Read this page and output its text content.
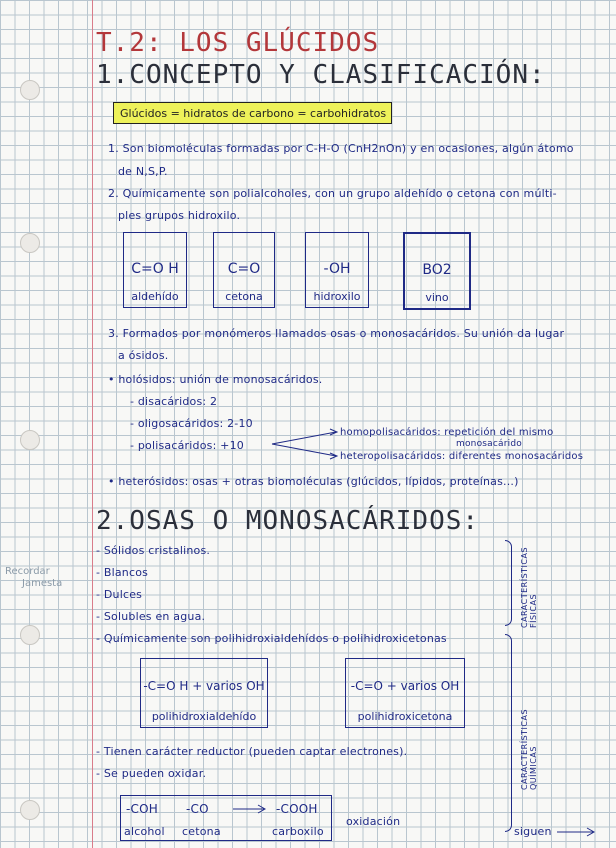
T.2: LOS GLÚCIDOS
1.CONCEPTO Y CLASIFICACIÓN:
Glúcidos = hidratos de carbono = carbohidratos
1. Son biomoléculas formadas por C-H-O (CnH2nOn) y en ocasiones, algún átomo
de N,S,P.
2. Químicamente son polialcoholes, con un grupo aldehído o cetona con múlti-
ples grupos hidroxilo.
C=O H
aldehído
C=O
cetona
-OH
hidroxilo
BO2
vino
3. Formados por monómeros llamados osas o monosacáridos. Su unión da lugar
a ósidos.
• holósidos: unión de monosacáridos.
- disacáridos: 2
- oligosacáridos: 2-10
- polisacáridos: +10
homopolisacáridos: repetición del mismo
monosacárido
heteropolisacáridos: diferentes monosacáridos
• heterósidos: osas + otras biomoléculas (glúcidos, lípidos, proteínas...)
2.OSAS O MONOSACÁRIDOS:
Recordar
Jamesta
- Sólidos cristalinos.
- Blancos
- Dulces
- Solubles en agua.
- Químicamente son polihidroxialdehídos o polihidroxicetonas
CARACTERÍSTICAS FÍSICAS
CARACTERÍSTICAS QUÍMICAS
-C=O H + varios OH
polihidroxialdehído
-C=O + varios OH
polihidroxicetona
- Tienen carácter reductor (pueden captar electrones).
- Se pueden oxidar.
-COH -CO	-COOH
alcohol cetona	carboxilo
oxidación
siguen
